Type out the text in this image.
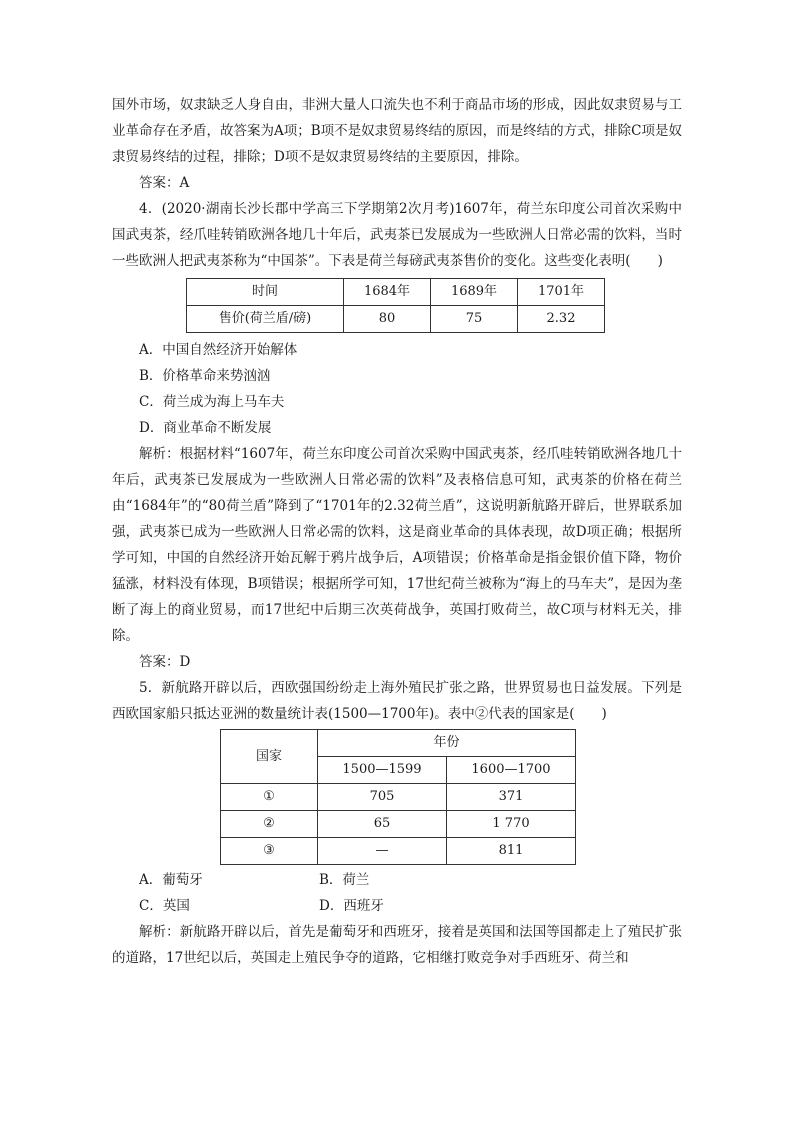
国外市场，奴隶缺乏人身自由，非洲大量人口流失也不利于商品市场的形成，因此奴隶贸易与工业革命存在矛盾，故答案为A项；B项不是奴隶贸易终结的原因，而是终结的方式，排除C项是奴隶贸易终结的过程，排除；D项不是奴隶贸易终结的主要原因，排除。

答案：A

4．(2020·湖南长沙长郡中学高三下学期第2次月考)1607年，荷兰东印度公司首次采购中国武夷茶，经爪哇转销欧洲各地几十年后，武夷茶已发展成为一些欧洲人日常必需的饮料，当时一些欧洲人把武夷茶称为“中国茶”。下表是荷兰每磅武夷茶售价的变化。这些变化表明(　　)

时间	1684年	1689年	1701年
售价(荷兰盾/磅)	80	75	2.32
A．中国自然经济开始解体
B．价格革命来势汹汹
C．荷兰成为海上马车夫
D．商业革命不断发展

解析：根据材料“1607年，荷兰东印度公司首次采购中国武夷茶，经爪哇转销欧洲各地几十年后，武夷茶已发展成为一些欧洲人日常必需的饮料”及表格信息可知，武夷茶的价格在荷兰由“1684年”的“80荷兰盾”降到了“1701年的2.32荷兰盾”，这说明新航路开辟后，世界联系加强，武夷茶已成为一些欧洲人日常必需的饮料，这是商业革命的具体表现，故D项正确；根据所学可知，中国的自然经济开始瓦解于鸦片战争后，A项错误；价格革命是指金银价值下降，物价猛涨，材料没有体现，B项错误；根据所学可知，17世纪荷兰被称为“海上的马车夫”，是因为垄断了海上的商业贸易，而17世纪中后期三次英荷战争，英国打败荷兰，故C项与材料无关，排除。

答案：D

5．新航路开辟以后，西欧强国纷纷走上海外殖民扩张之路，世界贸易也日益发展。下列是西欧国家船只抵达亚洲的数量统计表(1500—1700年)。表中②代表的国家是(　　)

国家	年份	
	1500—1599	1600—1700
①	705	371
②	65	1 770
③	—	811
A．葡萄牙	B．荷兰
C．英国	D．西班牙

解析：新航路开辟以后，首先是葡萄牙和西班牙，接着是英国和法国等国都走上了殖民扩张的道路，17世纪以后，英国走上殖民争夺的道路，它相继打败竞争对手西班牙、荷兰和
